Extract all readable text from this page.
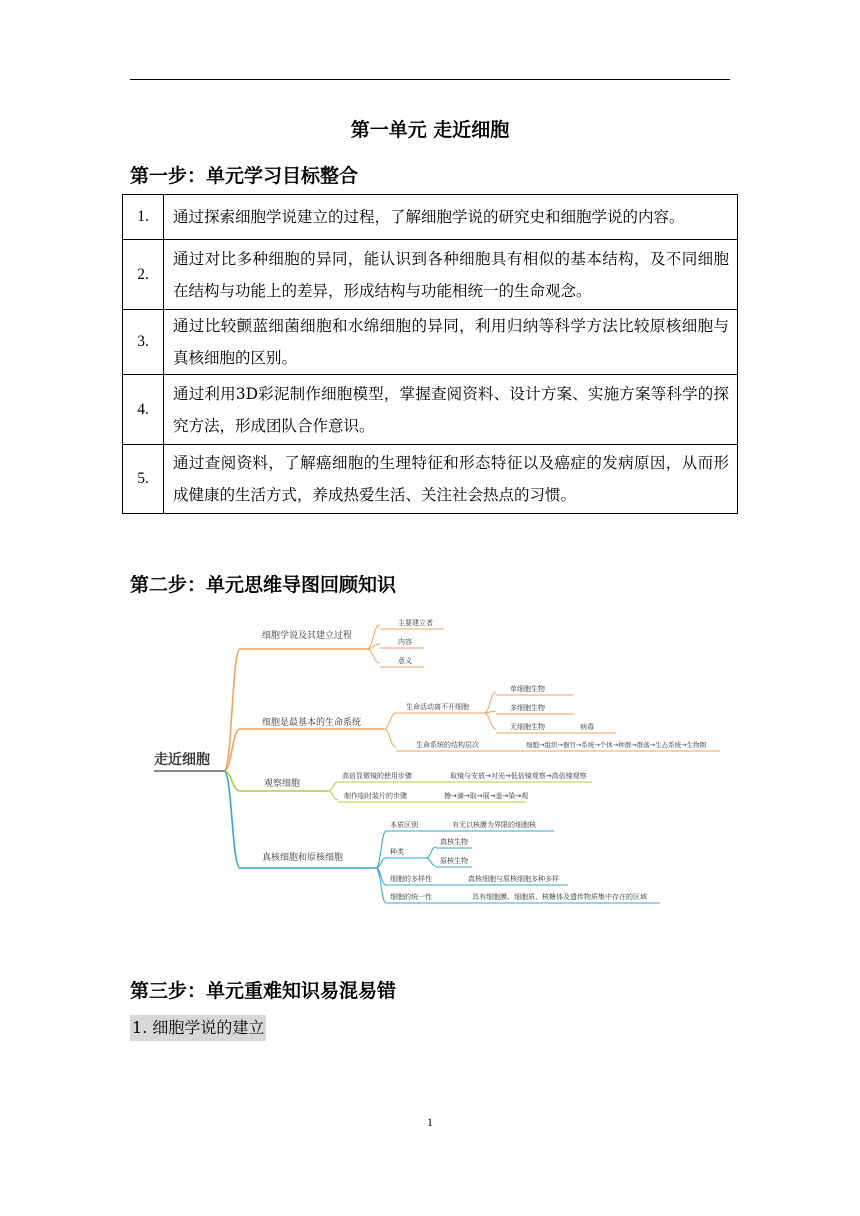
第一单元 走近细胞
第一步：单元学习目标整合
1.	通过探索细胞学说建立的过程，了解细胞学说的研究史和细胞学说的内容。
2.	通过对比多种细胞的异同，能认识到各种细胞具有相似的基本结构，及不同细胞在结构与功能上的差异，形成结构与功能相统一的生命观念。
3.	通过比较颤蓝细菌细胞和水绵细胞的异同，利用归纳等科学方法比较原核细胞与真核细胞的区别。
4.	通过利用3D彩泥制作细胞模型，掌握查阅资料、设计方案、实施方案等科学的探究方法，形成团队合作意识。
5.	通过查阅资料，了解癌细胞的生理特征和形态特征以及癌症的发病原因，从而形成健康的生活方式，养成热爱生活、关注社会热点的习惯。
第二步：单元思维导图回顾知识
走近细胞
细胞学说及其建立过程
主要建立者
内容
意义
细胞是最基本的生命系统
生命活动离不开细胞
单细胞生物
多细胞生物
无细胞生物	病毒
生命系统的结构层次	细胞→组织→器官→系统→个体→种群→群落→生态系统→生物圈
观察细胞
高倍显微镜的使用步骤	取镜与安放→对光→低倍镜观察→高倍镜观察
制作临时装片的步骤	擦→滴→取→展→盖→染→观
真核细胞和原核细胞
本质区别	有无以核膜为界限的细胞核
种类
真核生物
原核生物
细胞的多样性	真核细胞与原核细胞多种多样
细胞的统一性	具有细胞膜、细胞质、核糖体及遗传物质集中存在的区域
第三步：单元重难知识易混易错
1. 细胞学说的建立
1
